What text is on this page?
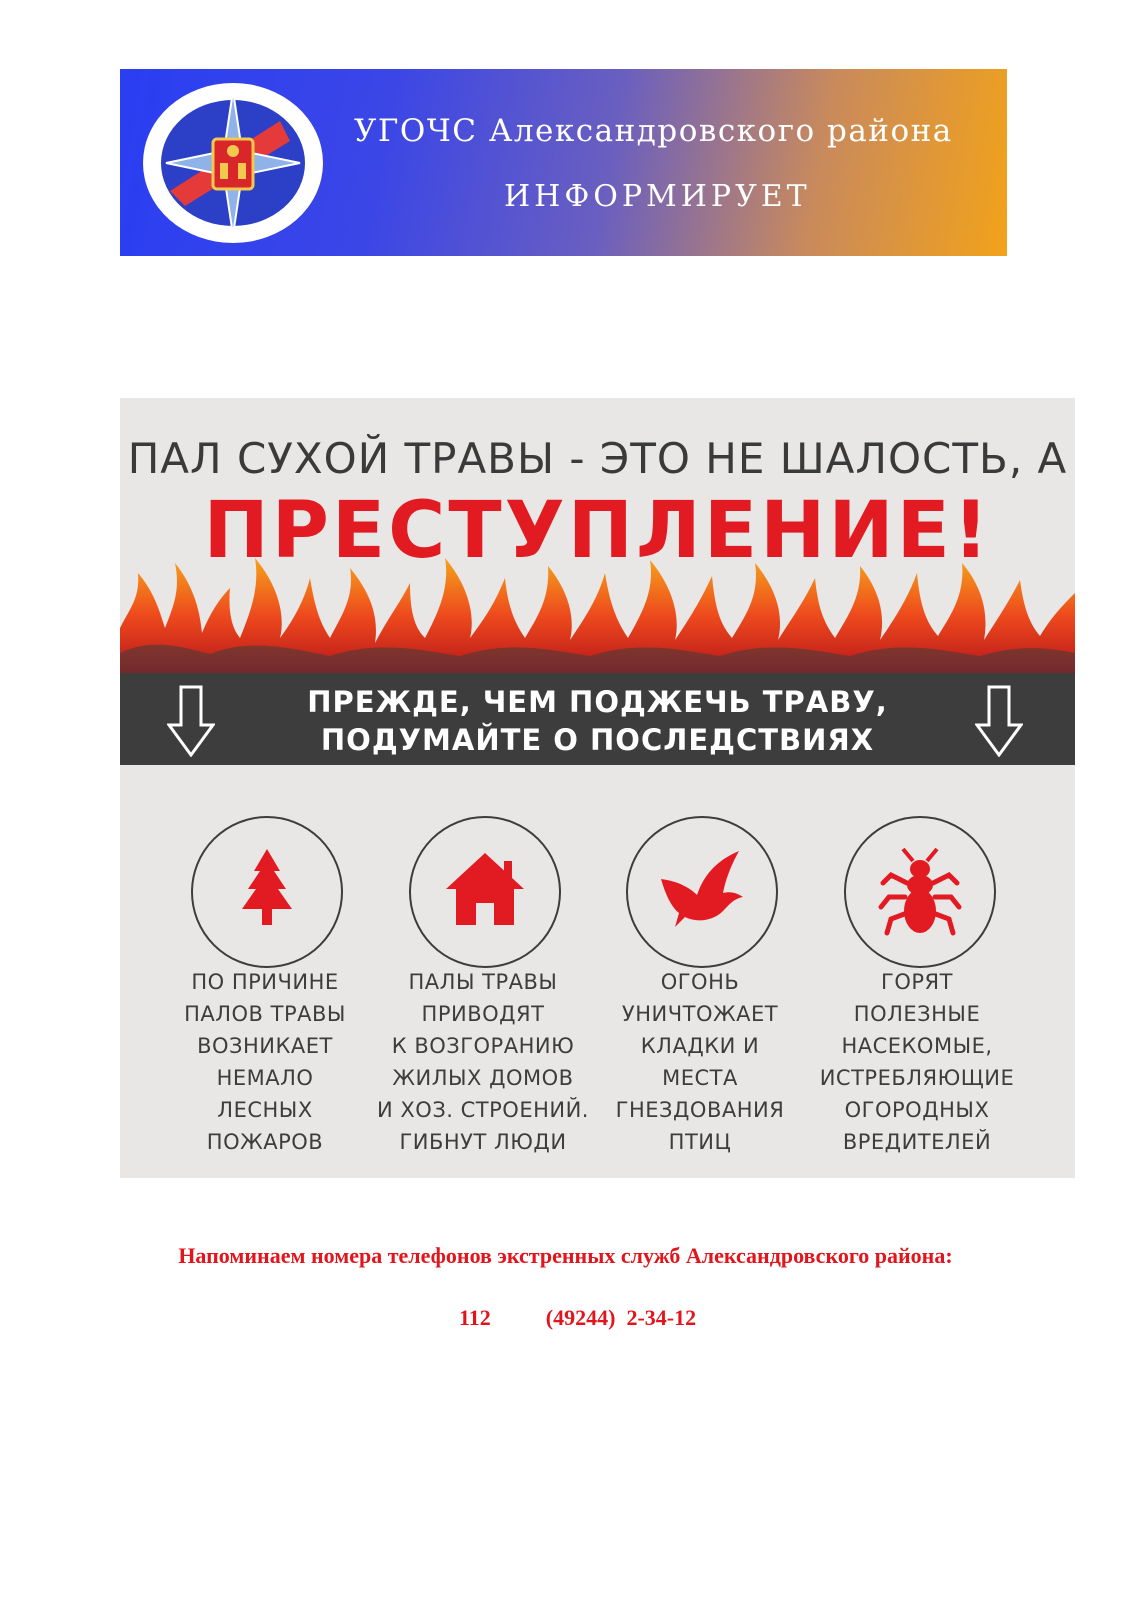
УГОЧС Александровского района
ИНФОРМИРУЕТ
ПАЛ СУХОЙ ТРАВЫ - ЭТО НЕ ШАЛОСТЬ, А
ПРЕСТУПЛЕНИЕ!
ПРЕЖДЕ, ЧЕМ ПОДЖЕЧЬ ТРАВУ,
ПОДУМАЙТЕ О ПОСЛЕДСТВИЯХ
ПО ПРИЧИНЕ
ПАЛОВ ТРАВЫ
ВОЗНИКАЕТ
НЕМАЛО
ЛЕСНЫХ
ПОЖАРОВ
ПАЛЫ ТРАВЫ
ПРИВОДЯТ
К ВОЗГОРАНИЮ
ЖИЛЫХ ДОМОВ
И ХОЗ. СТРОЕНИЙ.
ГИБНУТ ЛЮДИ
ОГОНЬ
УНИЧТОЖАЕТ
КЛАДКИ И
МЕСТА
ГНЕЗДОВАНИЯ
ПТИЦ
ГОРЯТ
ПОЛЕЗНЫЕ
НАСЕКОМЫЕ,
ИСТРЕБЛЯЮЩИЕ
ОГОРОДНЫХ
ВРЕДИТЕЛЕЙ
Напоминаем номера телефонов экстренных служб Александровского района:
112	(49244)  2-34-12
